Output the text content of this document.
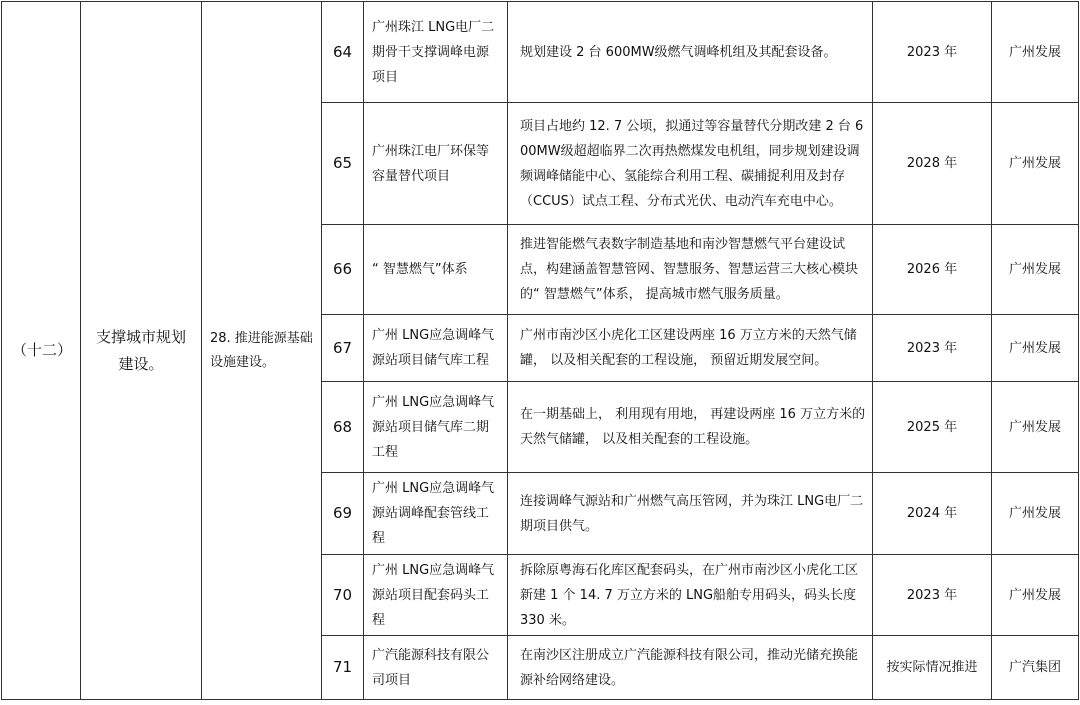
（十二）	支撑城市规划建设。	28. 推进能源基础设施建设。	64	广州珠江 LNG电厂二期骨干支撑调峰电源项目	规划建设 2 台 600MW级燃气调峰机组及其配套设备。	2023 年	广州发展
			65	广州珠江电厂环保等容量替代项目	项目占地约 12. 7 公顷，拟通过等容量替代分期改建 2 台 600MW级超超临界二次再热燃煤发电机组，同步规划建设调频调峰储能中心、氢能综合利用工程、碳捕捉利用及封存（CCUS）试点工程、分布式光伏、电动汽车充电中心。	2028 年	广州发展
			66	“ 智慧燃气”体系	推进智能燃气表数字制造基地和南沙智慧燃气平台建设试点，构建涵盖智慧管网、智慧服务、智慧运营三大核心模块的“ 智慧燃气”体系， 提高城市燃气服务质量。	2026 年	广州发展
			67	广州 LNG应急调峰气源站项目储气库工程	广州市南沙区小虎化工区建设两座 16 万立方米的天然气储罐， 以及相关配套的工程设施， 预留近期发展空间。	2023 年	广州发展
			68	广州 LNG应急调峰气源站项目储气库二期工程	在一期基础上， 利用现有用地， 再建设两座 16 万立方米的天然气储罐， 以及相关配套的工程设施。	2025 年	广州发展
			69	广州 LNG应急调峰气源站调峰配套管线工程	连接调峰气源站和广州燃气高压管网，并为珠江 LNG电厂二期项目供气。	2024 年	广州发展
			70	广州 LNG应急调峰气源站项目配套码头工程	拆除原粤海石化库区配套码头，在广州市南沙区小虎化工区新建 1 个 14. 7 万立方米的 LNG船舶专用码头，码头长度 330 米。	2023 年	广州发展
			71	广汽能源科技有限公司项目	在南沙区注册成立广汽能源科技有限公司，推动光储充换能源补给网络建设。	按实际情况推进	广汽集团
